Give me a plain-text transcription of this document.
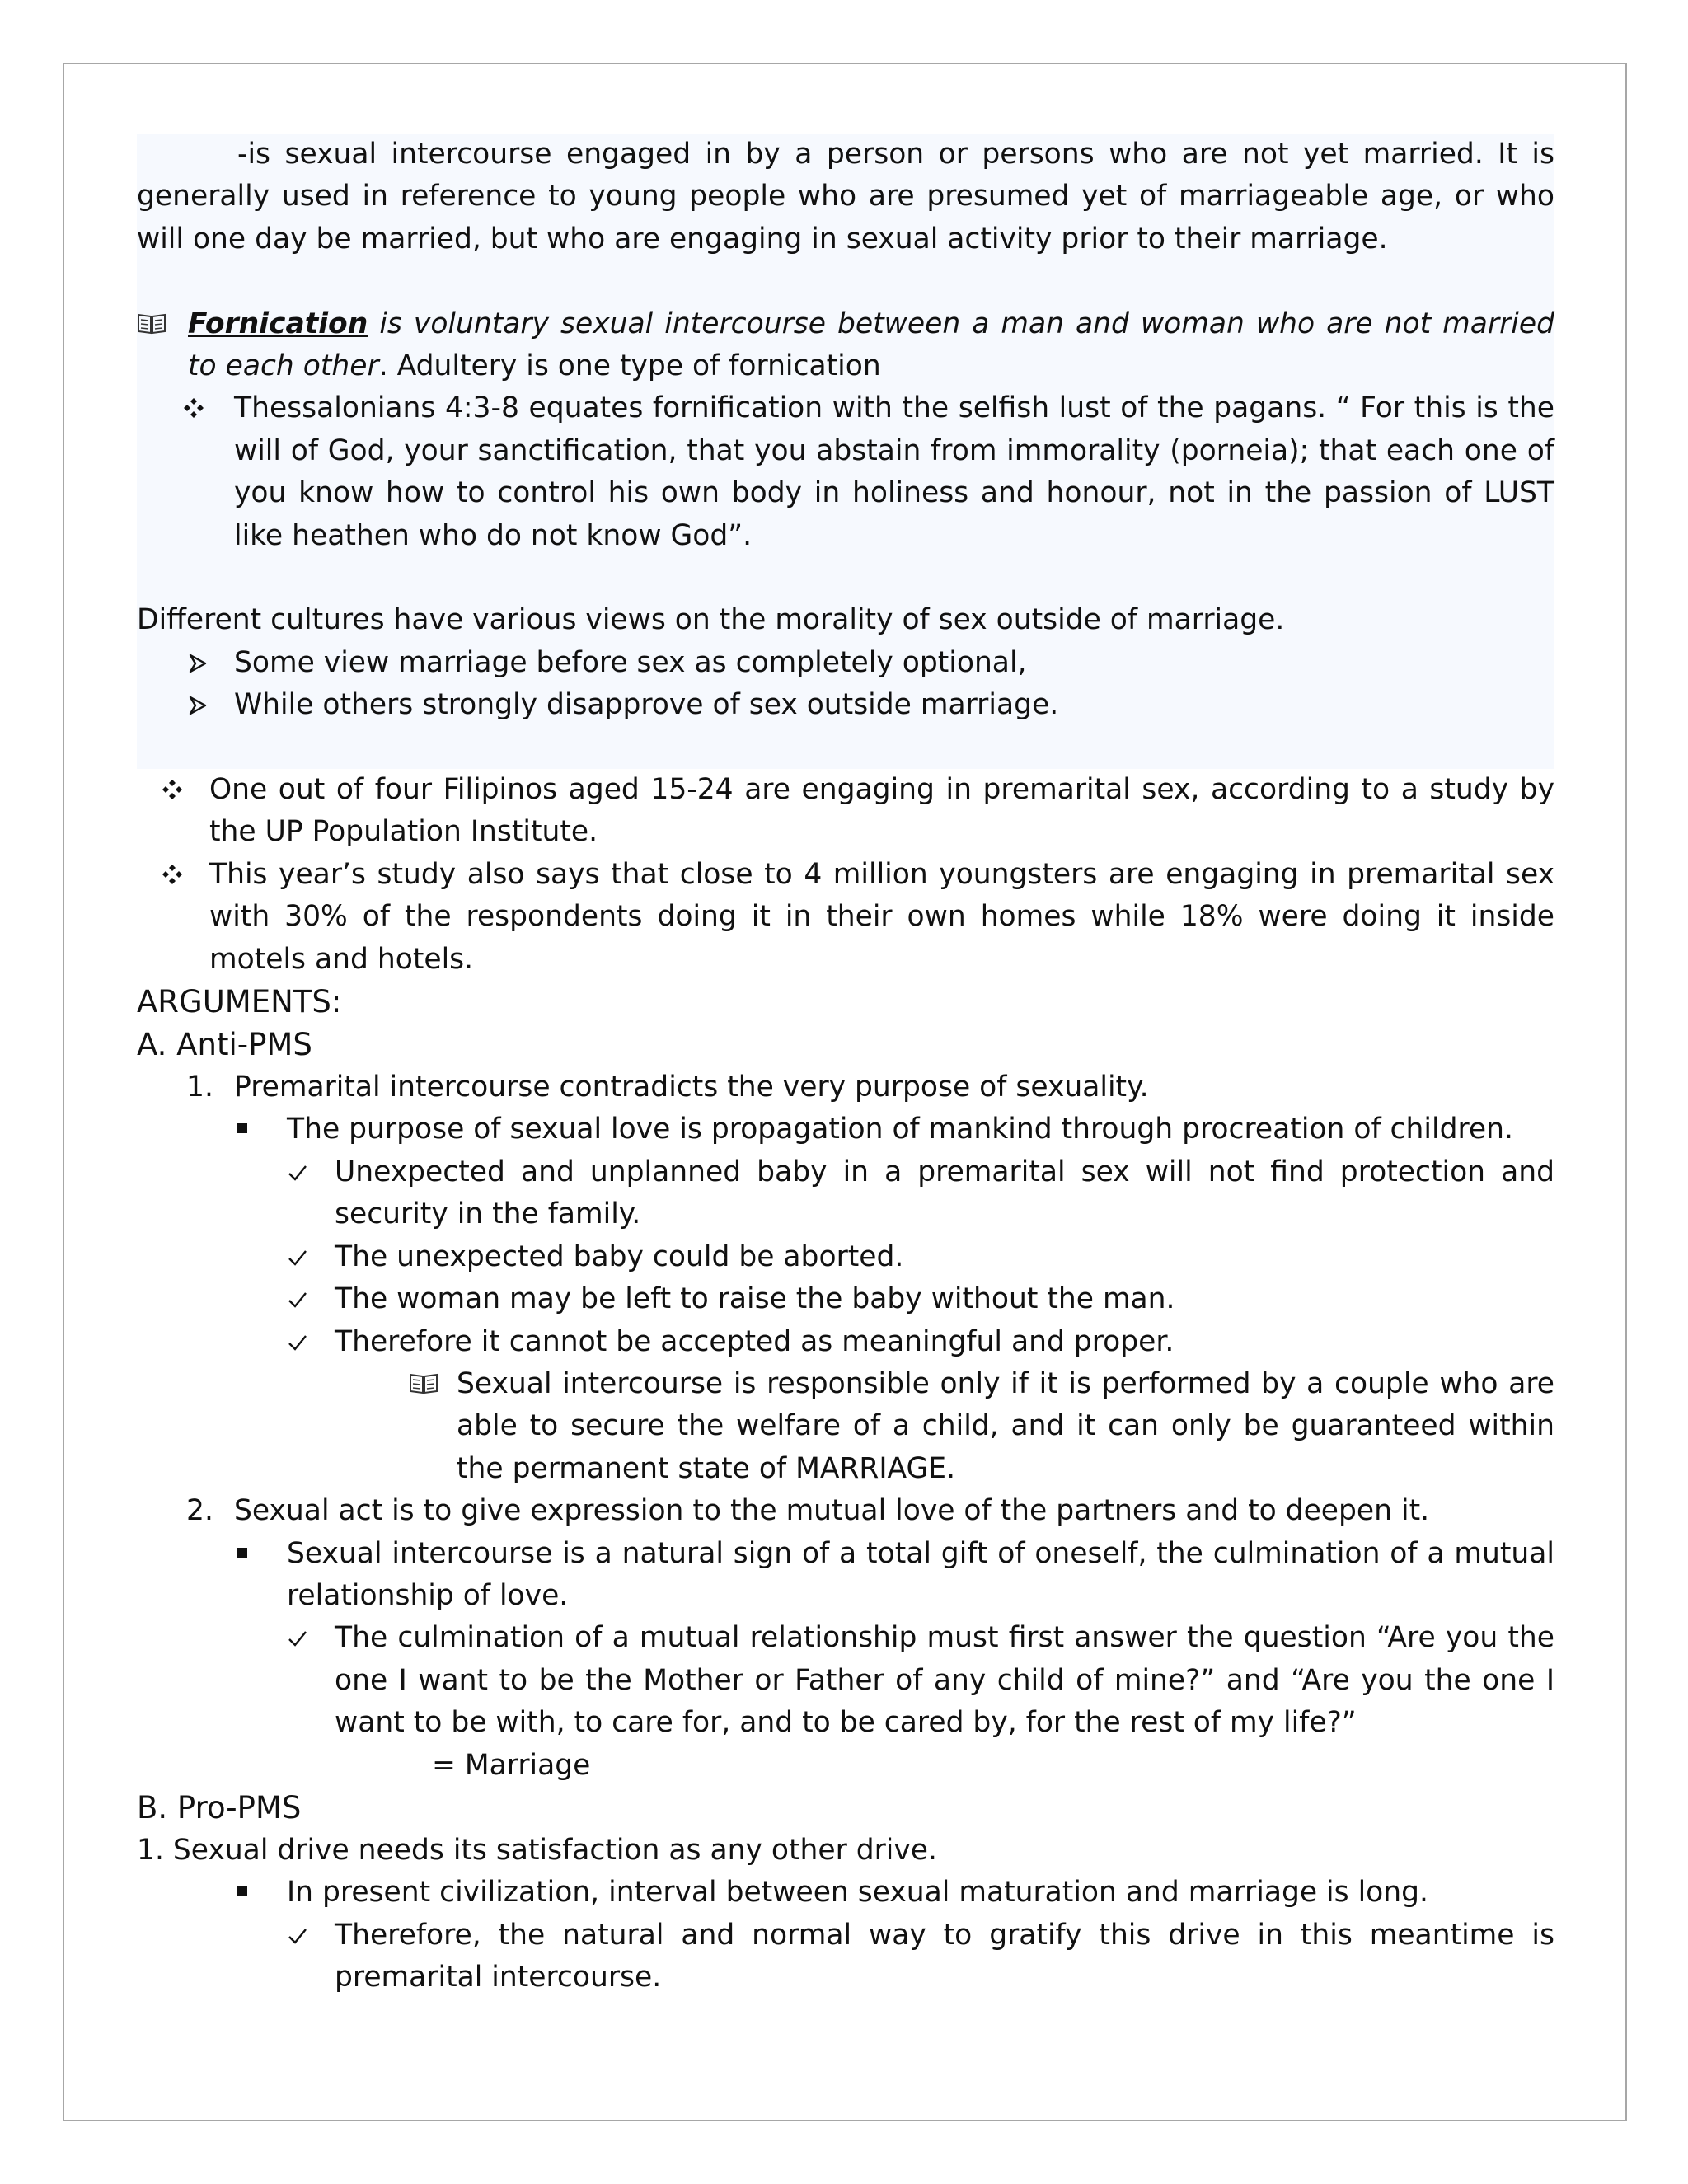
-is sexual intercourse engaged in by a person or persons who are not yet married. It is generally used in reference to young people who are presumed yet of marriageable age, or who will one day be married, but who are engaging in sexual activity prior to their marriage.

Fornication is voluntary sexual intercourse between a man and woman who are not married to each other. Adultery is one type of fornication

Thessalonians 4:3-8 equates fornification with the selfish lust of the pagans. “ For this is the will of God, your sanctification, that you abstain from immorality (porneia); that each one of you know how to control his own body in holiness and honour, not in the passion of LUST like heathen who do not know God”.

Different cultures have various views on the morality of sex outside of marriage.

Some view marriage before sex as completely optional,

While others strongly disapprove of sex outside marriage.

One out of four Filipinos aged 15-24 are engaging in premarital sex, according to a study by the UP Population Institute.

This year’s study also says that close to 4 million youngsters are engaging in premarital sex with 30% of the respondents doing it in their own homes while 18% were doing it inside motels and hotels.

ARGUMENTS:

A. Anti-PMS

1. Premarital intercourse contradicts the very purpose of sexuality.

The purpose of sexual love is propagation of mankind through procreation of children.

Unexpected and unplanned baby in a premarital sex will not find protection and security in the family.

The unexpected baby could be aborted.

The woman may be left to raise the baby without the man.

Therefore it cannot be accepted as meaningful and proper.

Sexual intercourse is responsible only if it is performed by a couple who are able to secure the welfare of a child, and it can only be guaranteed within the permanent state of MARRIAGE.

2. Sexual act is to give expression to the mutual love of the partners and to deepen it.

Sexual intercourse is a natural sign of a total gift of oneself, the culmination of a mutual relationship of love.

The culmination of a mutual relationship must first answer the question “Are you the one I want to be the Mother or Father of any child of mine?” and “Are you the one I want to be with, to care for, and to be cared by, for the rest of my life?”

= Marriage

B. Pro-PMS

1. Sexual drive needs its satisfaction as any other drive.

In present civilization, interval between sexual maturation and marriage is long.

Therefore, the natural and normal way to gratify this drive in this meantime is premarital intercourse.
